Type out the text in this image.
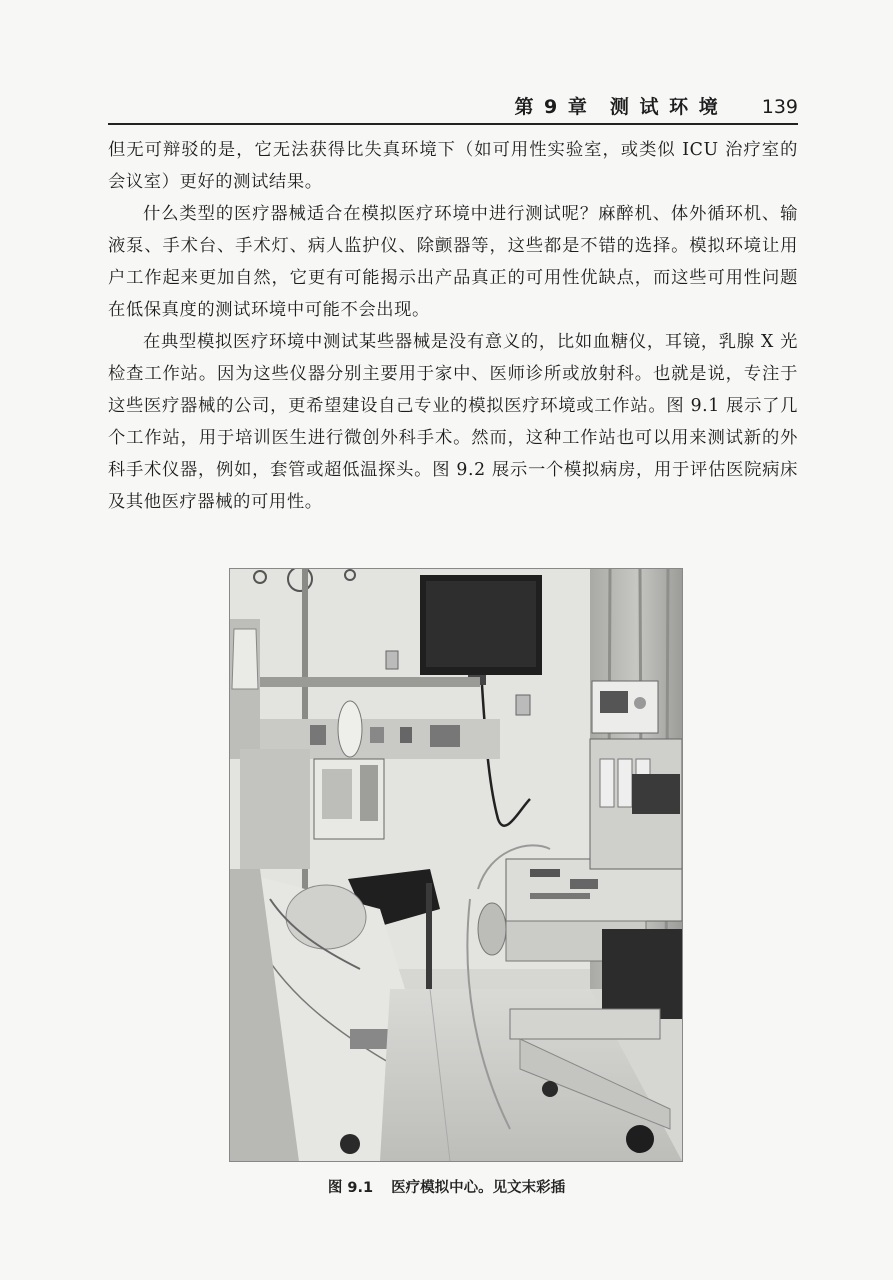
第 9 章　测 试 环 境 139

但无可辩驳的是，它无法获得比失真环境下（如可用性实验室，或类似 ICU 治疗室的会议室）更好的测试结果。

什么类型的医疗器械适合在模拟医疗环境中进行测试呢？麻醉机、体外循环机、输液泵、手术台、手术灯、病人监护仪、除颤器等，这些都是不错的选择。模拟环境让用户工作起来更加自然，它更有可能揭示出产品真正的可用性优缺点，而这些可用性问题在低保真度的测试环境中可能不会出现。

在典型模拟医疗环境中测试某些器械是没有意义的，比如血糖仪，耳镜，乳腺 X 光检查工作站。因为这些仪器分别主要用于家中、医师诊所或放射科。也就是说，专注于这些医疗器械的公司，更希望建设自己专业的模拟医疗环境或工作站。图 9.1 展示了几个工作站，用于培训医生进行微创外科手术。然而，这种工作站也可以用来测试新的外科手术仪器，例如，套管或超低温探头。图 9.2 展示一个模拟病房，用于评估医院病床及其他医疗器械的可用性。

图 9.1 医疗模拟中心。见文末彩插
